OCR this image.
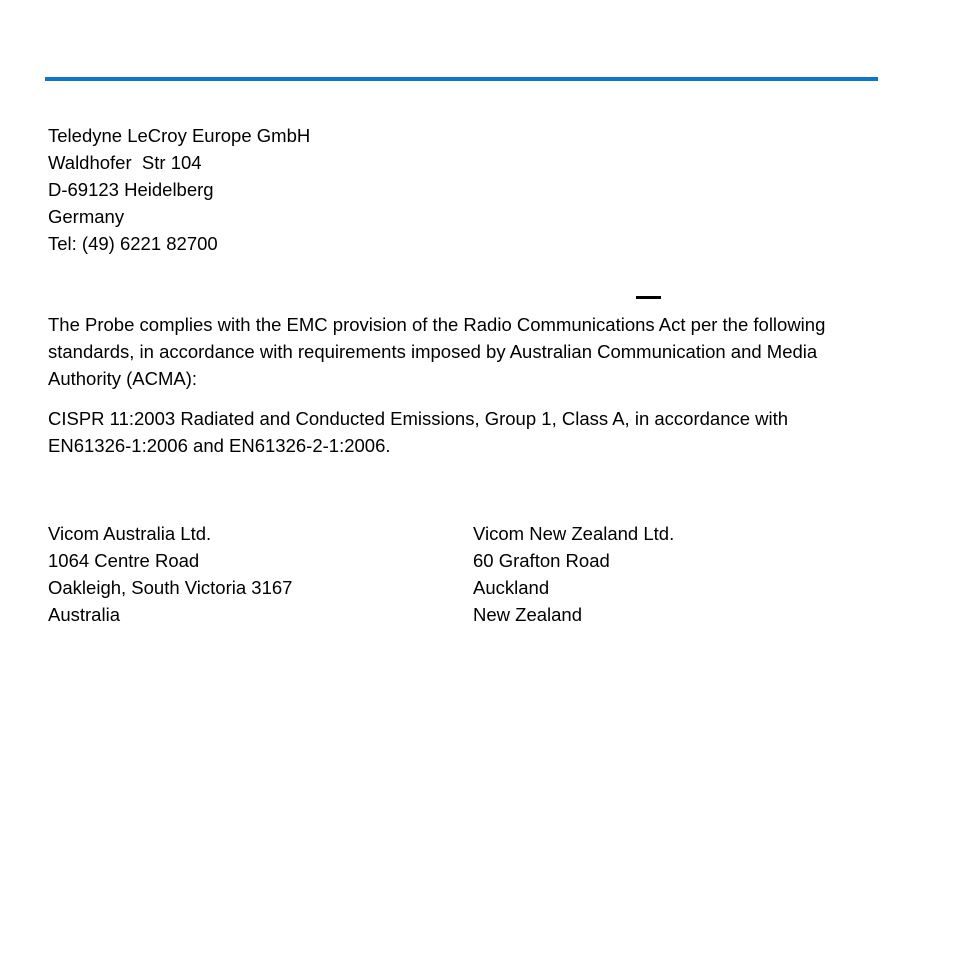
Teledyne LeCroy Europe GmbH

Waldhofer  Str 104

D-69123 Heidelberg

Germany

Tel: (49) 6221 82700

The Probe complies with the EMC provision of the Radio Communications Act per the following standards, in accordance with requirements imposed by Australian Communication and Media Authority (ACMA):

CISPR 11:2003 Radiated and Conducted Emissions, Group 1, Class A, in accordance with EN61326-1:2006 and EN61326-2-1:2006.

Vicom Australia Ltd.

1064 Centre Road

Oakleigh, South Victoria 3167

Australia

Vicom New Zealand Ltd.

60 Grafton Road

Auckland

New Zealand
